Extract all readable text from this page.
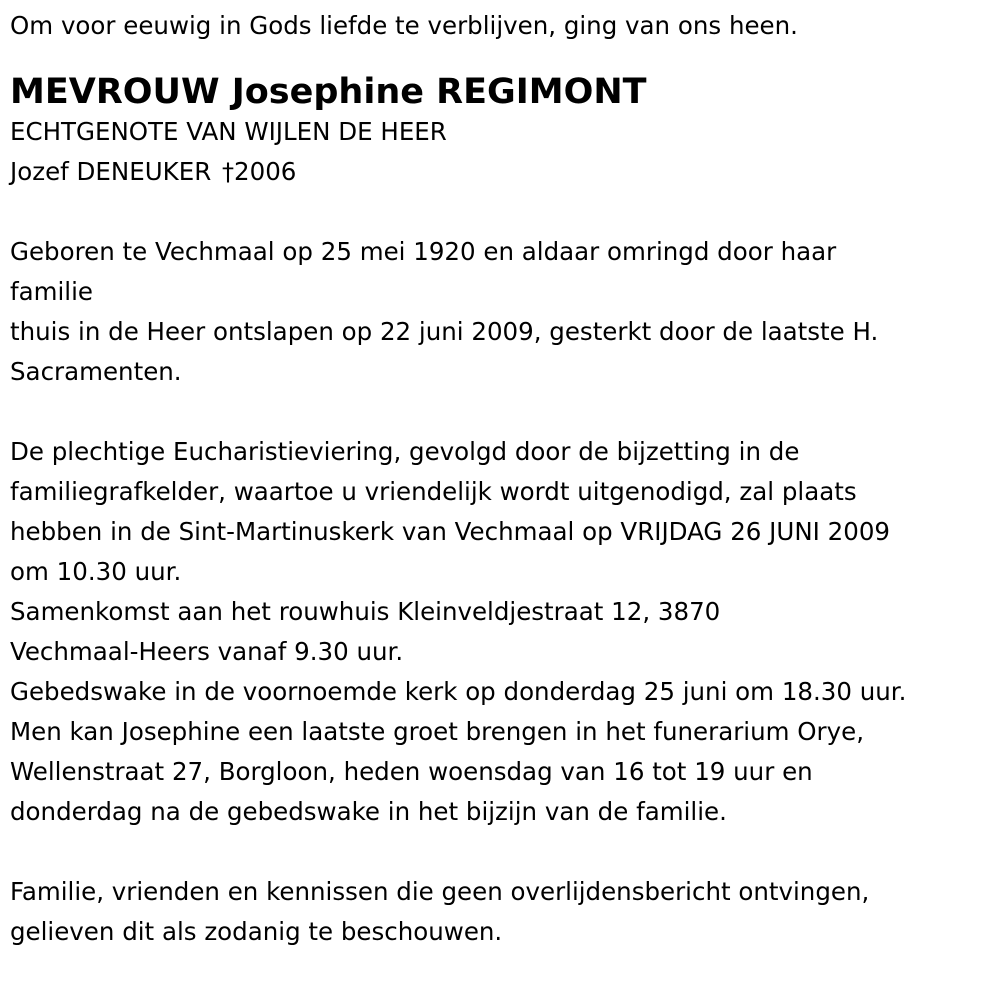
Om voor eeuwig in Gods liefde te verblijven, ging van ons heen.

MEVROUW Josephine REGIMONT

ECHTGENOTE VAN WIJLEN DE HEER

Jozef DENEUKER †2006

Geboren te Vechmaal op 25 mei 1920 en aldaar omringd door haar

familie

thuis in de Heer ontslapen op 22 juni 2009, gesterkt door de laatste H.

Sacramenten.

De plechtige Eucharistieviering, gevolgd door de bijzetting in de

familiegrafkelder, waartoe u vriendelijk wordt uitgenodigd, zal plaats

hebben in de Sint-Martinuskerk van Vechmaal op VRIJDAG 26 JUNI 2009

om 10.30 uur.

Samenkomst aan het rouwhuis Kleinveldjestraat 12, 3870

Vechmaal-Heers vanaf 9.30 uur.

Gebedswake in de voornoemde kerk op donderdag 25 juni om 18.30 uur.

Men kan Josephine een laatste groet brengen in het funerarium Orye,

Wellenstraat 27, Borgloon, heden woensdag van 16 tot 19 uur en

donderdag na de gebedswake in het bijzijn van de familie.

Familie, vrienden en kennissen die geen overlijdensbericht ontvingen,

gelieven dit als zodanig te beschouwen.
